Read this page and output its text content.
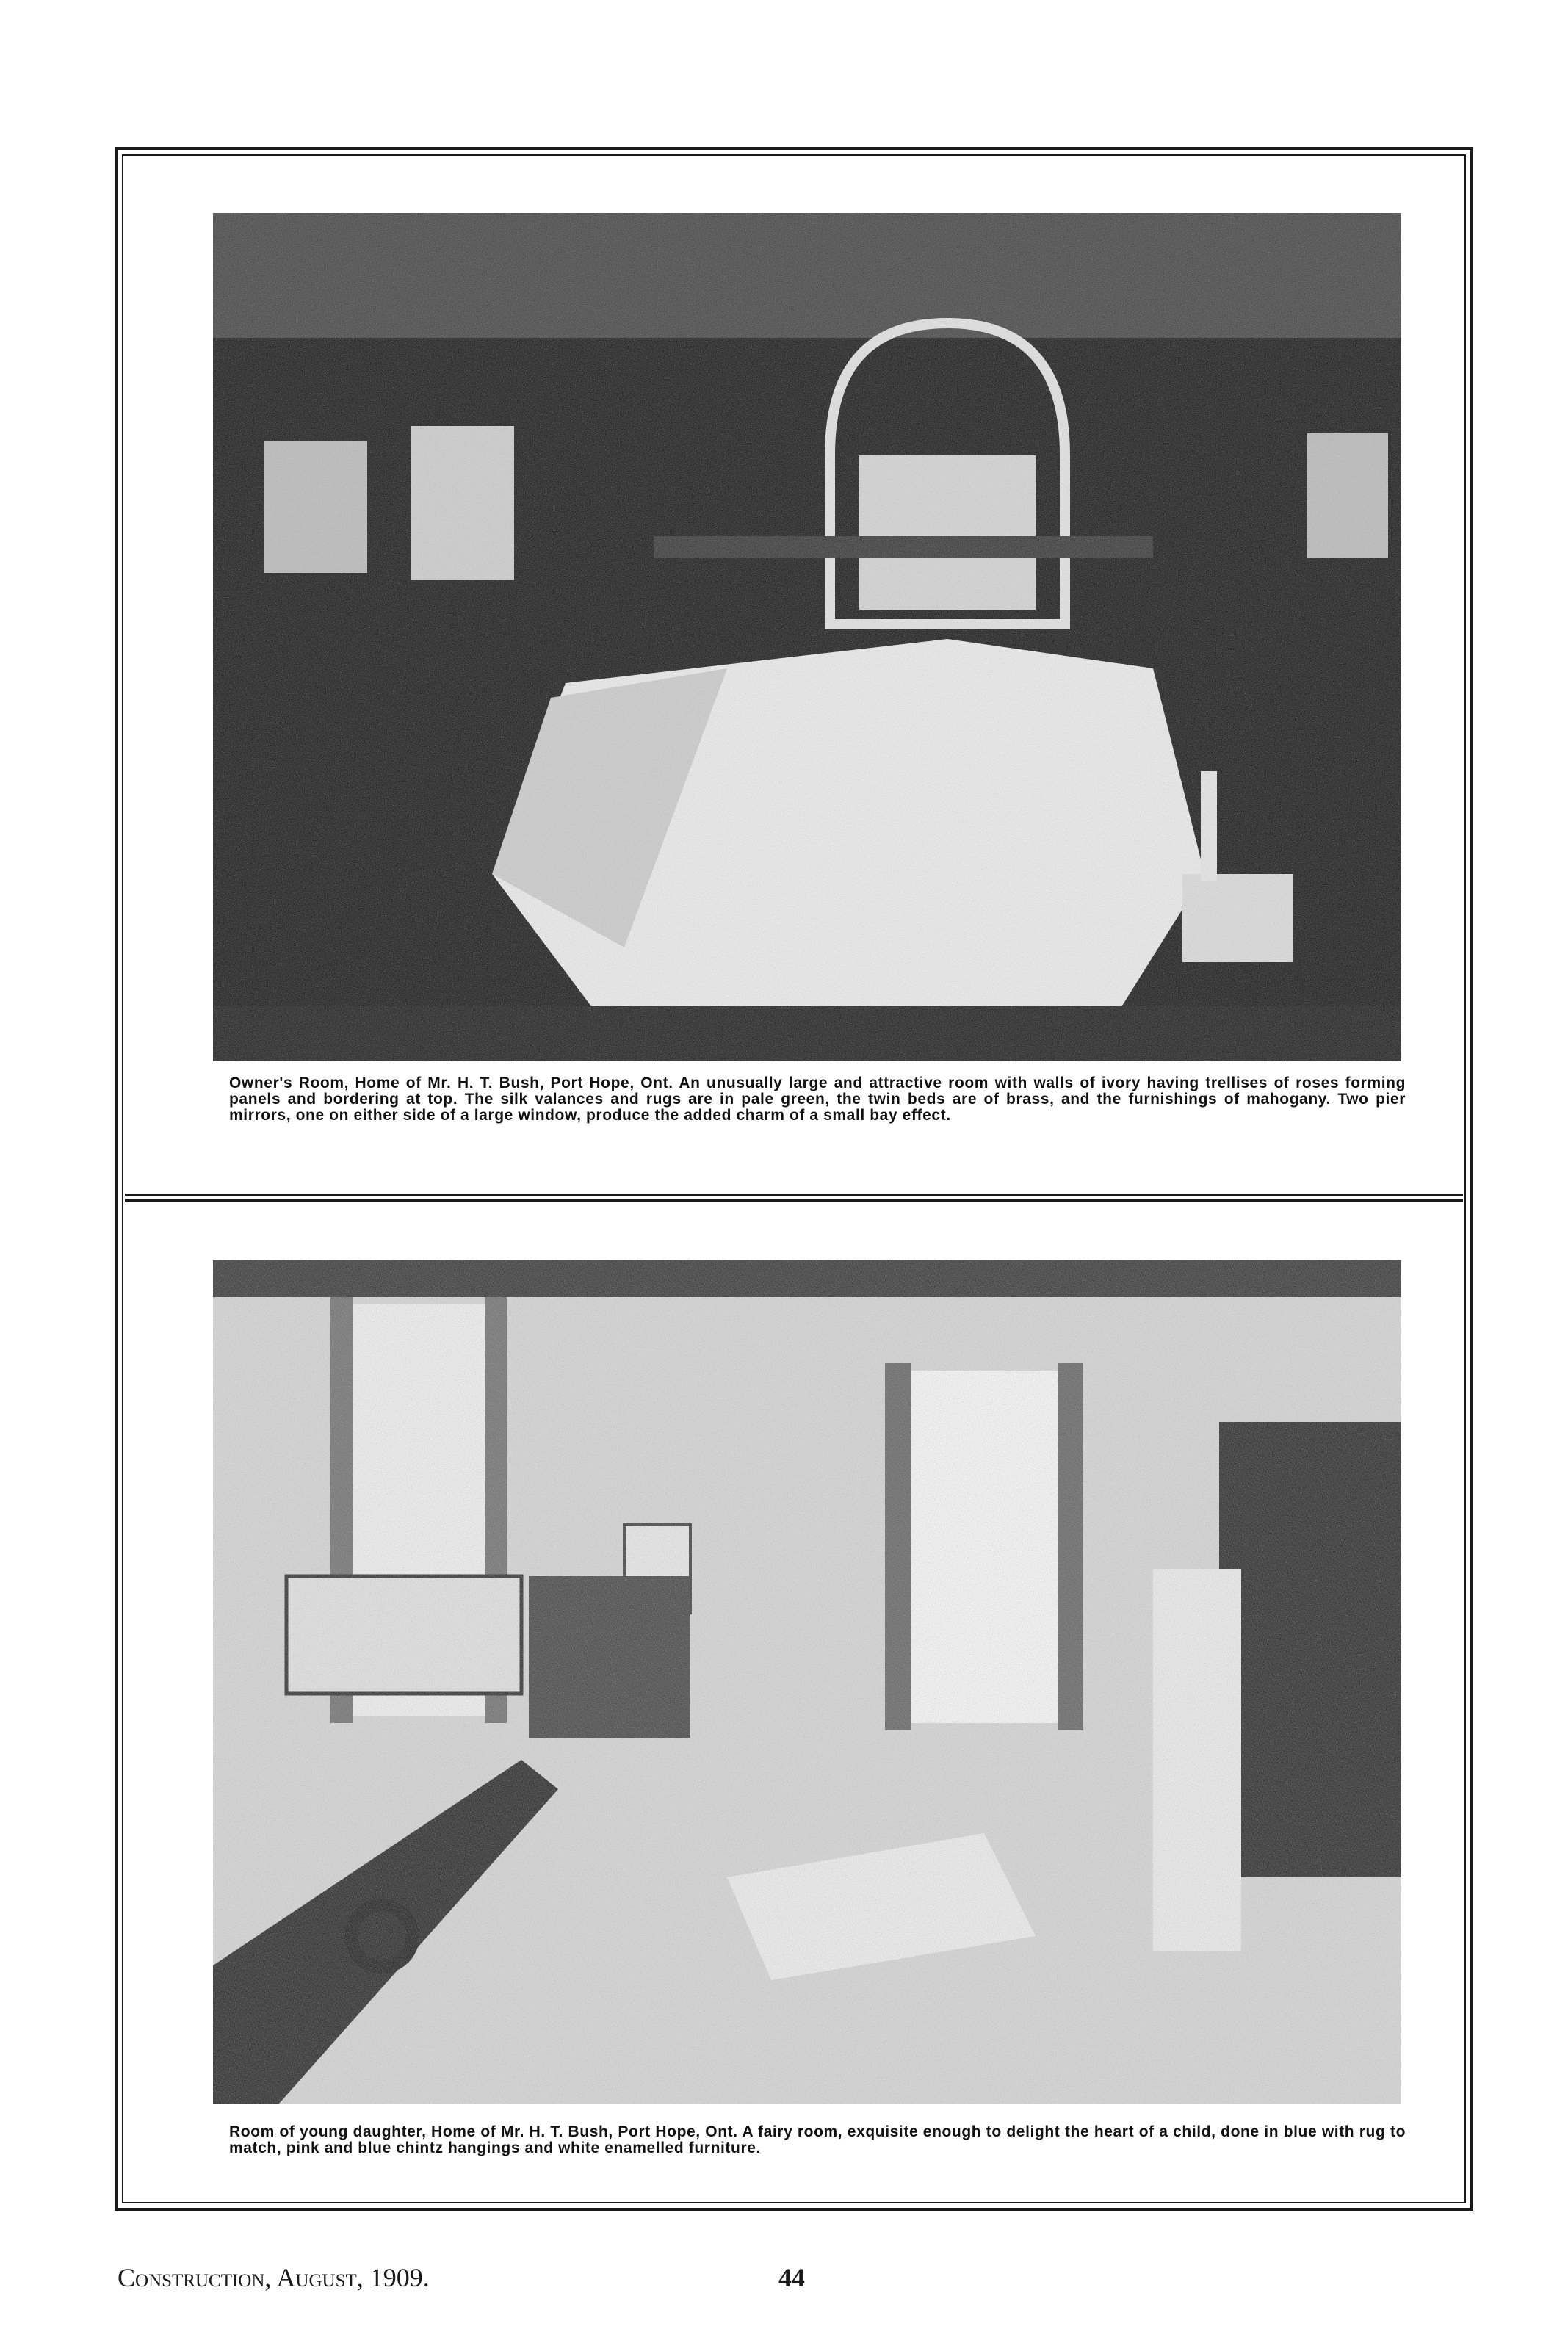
Owner's Room, Home of Mr. H. T. Bush, Port Hope, Ont. An unusually large and attractive room with walls of ivory having trellises of roses forming panels and bordering at top. The silk valances and rugs are in pale green, the twin beds are of brass, and the furnishings of mahogany. Two pier mirrors, one on either side of a large window, produce the added charm of a small bay effect.

Room of young daughter, Home of Mr. H. T. Bush, Port Hope, Ont. A fairy room, exquisite enough to delight the heart of a child, done in blue with rug to match, pink and blue chintz hangings and white enamelled furniture.

Construction, August, 1909.	44
